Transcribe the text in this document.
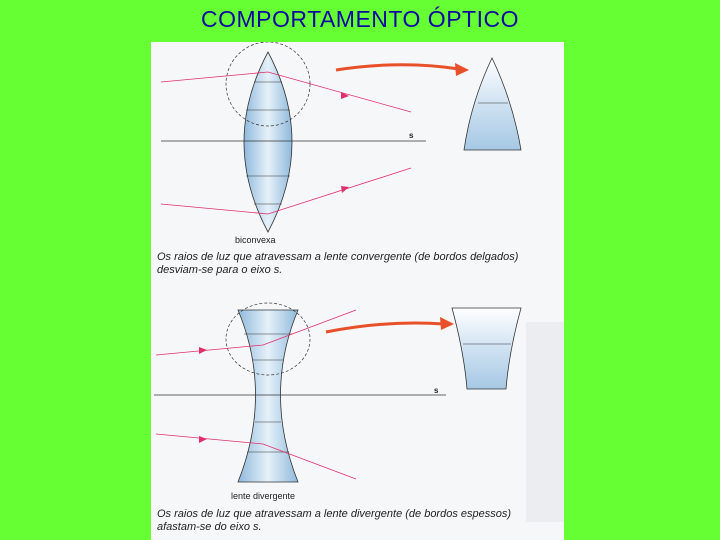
COMPORTAMENTO ÓPTICO
s
biconvexa
s
lente divergente
Os raios de luz que atravessam a lente convergente (de bordos delgados)
desviam-se para o eixo s.
Os raios de luz que atravessam a lente divergente (de bordos espessos)
afastam-se do eixo s.
